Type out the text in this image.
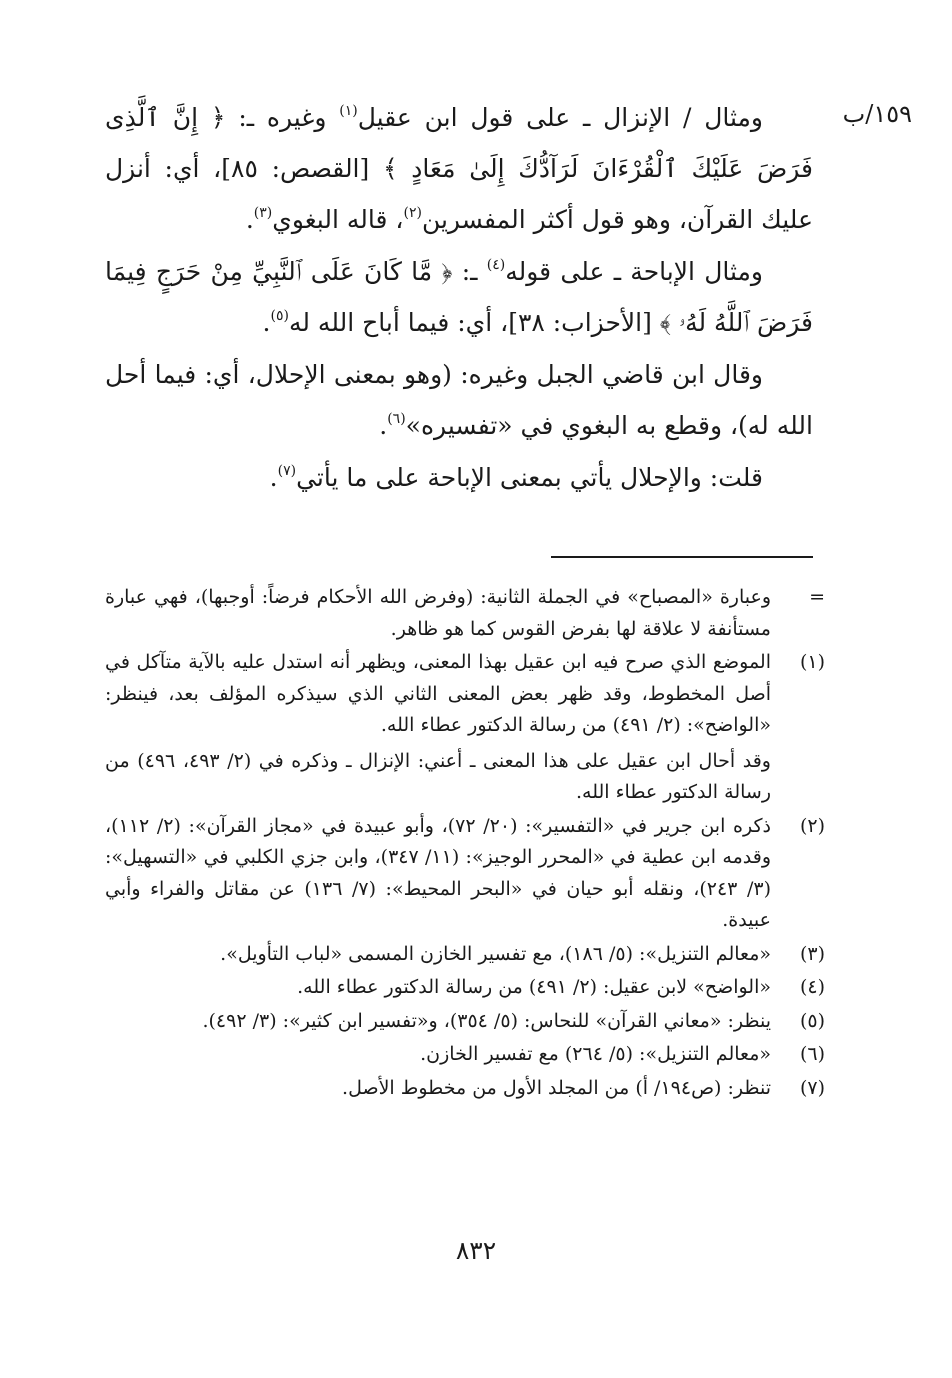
١٥٩/ب

ومثال / الإنزال ـ على قول ابن عقيل$^{(١)}$ وغيره ـ: ﴿ إِنَّ ٱلَّذِى فَرَضَ عَلَيْكَ ٱلْقُرْءَانَ لَرَآدُّكَ إِلَىٰ مَعَادٍ ﴾ [القصص: ٨٥]، أي: أنزل عليك القرآن، وهو قول أكثر المفسرين$^{(٢)}$، قاله البغوي$^{(٣)}$.

ومثال الإباحة ـ على قوله$^{(٤)}$ ـ: ﴿ مَّا كَانَ عَلَى ٱلنَّبِيِّ مِنْ حَرَجٍ فِيمَا فَرَضَ ٱللَّهُ لَهُۥ ﴾ [الأحزاب: ٣٨]، أي: فيما أباح الله له$^{(٥)}$.

وقال ابن قاضي الجبل وغيره: (وهو بمعنى الإحلال، أي: فيما أحل الله له)، وقطع به البغوي في «تفسيره»$^{(٦)}$.

قلت: والإحلال يأتي بمعنى الإباحة على ما يأتي$^{(٧)}$.

=

وعبارة «المصباح» في الجملة الثانية: (وفرض الله الأحكام فرضاً: أوجبها)، فهي عبارة مستأنفة لا علاقة لها بفرض القوس كما هو ظاهر.

(١)

الموضع الذي صرح فيه ابن عقيل بهذا المعنى، ويظهر أنه استدل عليه بالآية متآكل في أصل المخطوط، وقد ظهر بعض المعنى الثاني الذي سيذكره المؤلف بعد، فينظر: «الواضح»: (٢/ ٤٩١) من رسالة الدكتور عطاء الله.

وقد أحال ابن عقيل على هذا المعنى ـ أعني: الإنزال ـ وذكره في (٢/ ٤٩٣، ٤٩٦) من رسالة الدكتور عطاء الله.

(٢)

ذكره ابن جرير في «التفسير»: (٢٠/ ٧٢)، وأبو عبيدة في «مجاز القرآن»: (٢/ ١١٢)، وقدمه ابن عطية في «المحرر الوجيز»: (١١/ ٣٤٧)، وابن جزي الكلبي في «التسهيل»: (٣/ ٢٤٣)، ونقله أبو حيان في «البحر المحيط»: (٧/ ١٣٦) عن مقاتل والفراء وأبي عبيدة.

(٣)

«معالم التنزيل»: (٥/ ١٨٦)، مع تفسير الخازن المسمى «لباب التأويل».

(٤)

«الواضح» لابن عقيل: (٢/ ٤٩١) من رسالة الدكتور عطاء الله.

(٥)

ينظر: «معاني القرآن» للنحاس: (٥/ ٣٥٤)، و«تفسير ابن كثير»: (٣/ ٤٩٢).

(٦)

«معالم التنزيل»: (٥/ ٢٦٤) مع تفسير الخازن.

(٧)

تنظر: (ص١٩٤/ أ) من المجلد الأول من مخطوط الأصل.

٨٣٢
